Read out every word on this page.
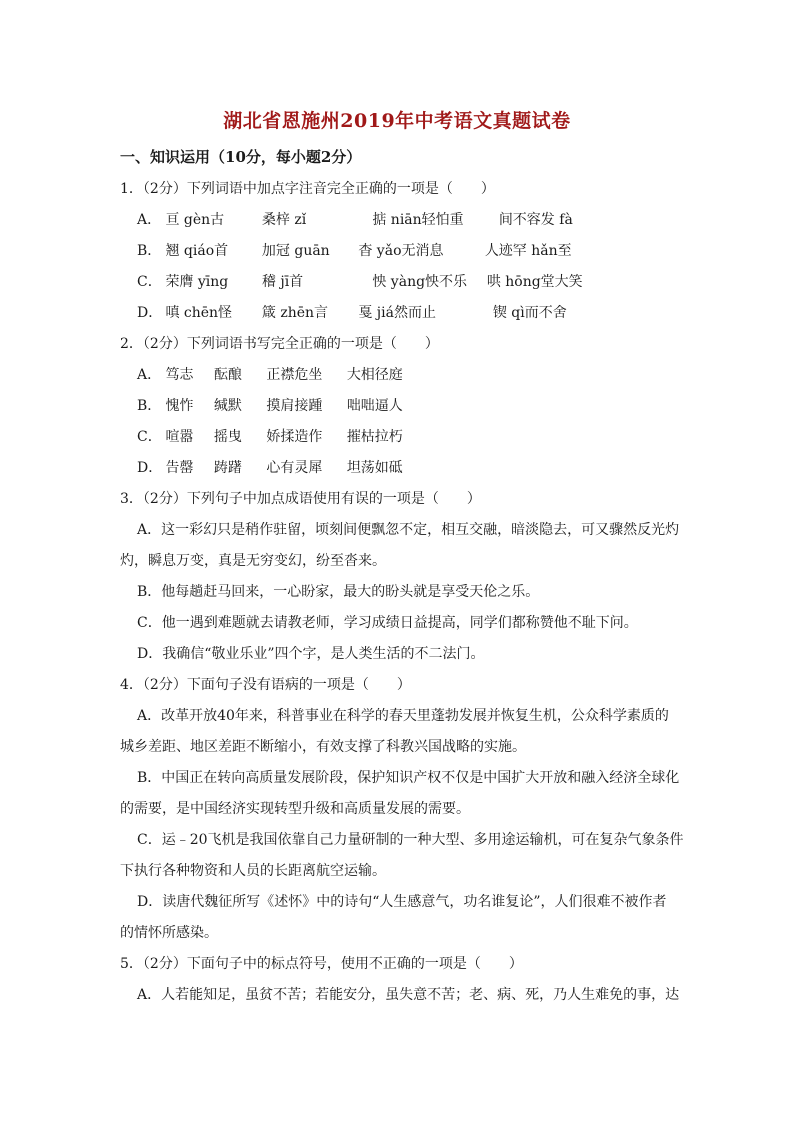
湖北省恩施州2019年中考语文真题试卷
一、知识运用（10分，每小题2分）
1．（2分）下列词语中加点字注音完全正确的一项是（　　）
A． 亘 gèn古	桑梓 zǐ	掂 niān轻怕重	间不容发 fà
B． 翘 qiáo首 加冠 guān 杳 yǎo无消息	人迹罕 hǎn至
C． 荣膺 yīng 稽 jī首	怏 yàng怏不乐 哄 hōng堂大笑
D． 嗔 chēn怪 箴 zhēn言 戛 jiá然而止	锲 qì而不舍
2．（2分）下列词语书写完全正确的一项是（　　）
A． 笃志 酝酿 正襟危坐 大相径庭
B． 愧怍 缄默 摸肩接踵 咄咄逼人
C． 喧嚣 摇曳 娇揉造作 摧枯拉朽
D． 告罄 踌躇 心有灵犀 坦荡如砥
3．（2分）下列句子中加点成语使用有误的一项是（　　）
A．这一彩幻只是稍作驻留，顷刻间便飘忽不定，相互交融，暗淡隐去，可又骤然反光灼
灼，瞬息万变，真是无穷变幻，纷至沓来。
B．他每趟赶马回来，一心盼家，最大的盼头就是享受天伦之乐。
C．他一遇到难题就去请教老师，学习成绩日益提高，同学们都称赞他不耻下问。
D．我确信“敬业乐业”四个字，是人类生活的不二法门。
4．（2分）下面句子没有语病的一项是（　　）
A．改革开放40年来，科普事业在科学的春天里蓬勃发展并恢复生机，公众科学素质的
城乡差距、地区差距不断缩小，有效支撑了科教兴国战略的实施。
B．中国正在转向高质量发展阶段，保护知识产权不仅是中国扩大开放和融入经济全球化
的需要，是中国经济实现转型升级和高质量发展的需要。
C．运﹣20飞机是我国依靠自己力量研制的一种大型、多用途运输机，可在复杂气象条件
下执行各种物资和人员的长距离航空运输。
D．读唐代魏征所写《述怀》中的诗句“人生感意气，功名谁复论”，人们很难不被作者
的情怀所感染。
5．（2分）下面句子中的标点符号，使用不正确的一项是（　　）
A．人若能知足，虽贫不苦；若能安分，虽失意不苦；老、病、死，乃人生难免的事，达
